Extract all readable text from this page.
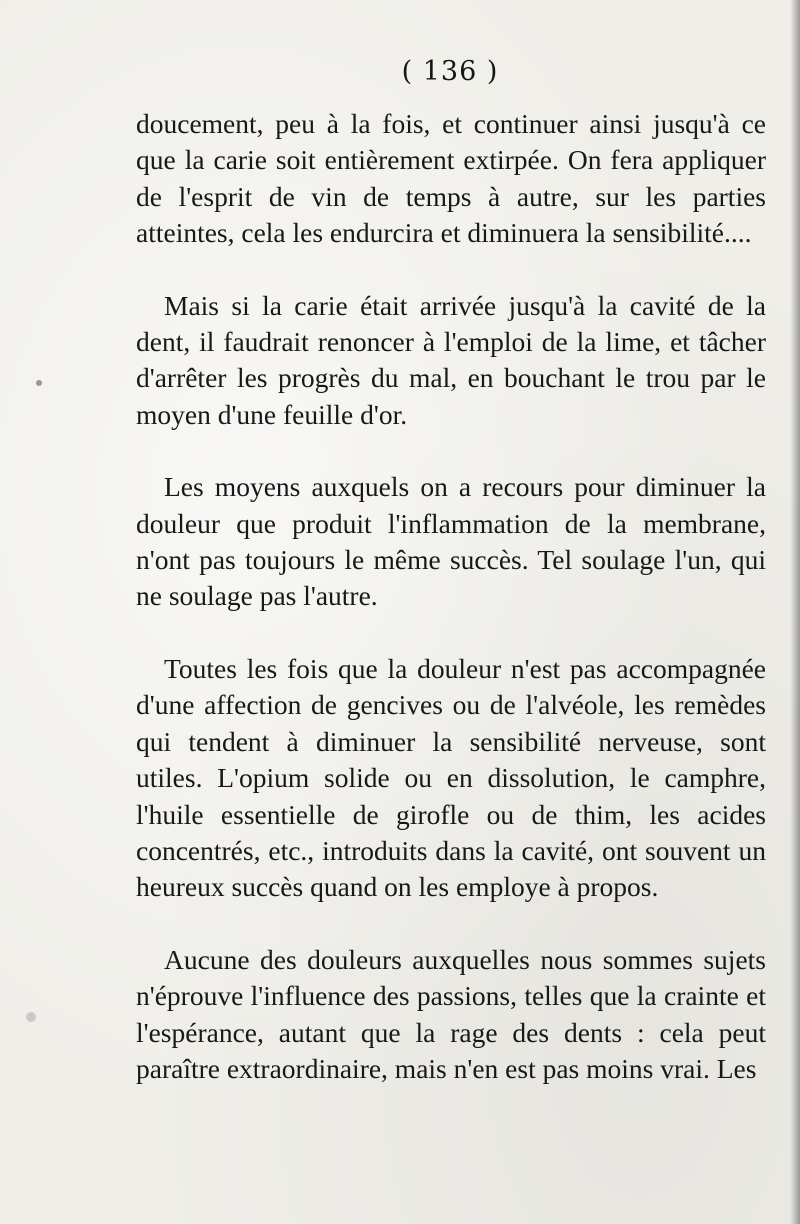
( 136 )

doucement, peu à la fois, et continuer ainsi jusqu'à ce que la carie soit entièrement extirpée. On fera appliquer de l'esprit de vin de temps à autre, sur les parties atteintes, cela les endurcira et diminuera la sensibilité....

Mais si la carie était arrivée jusqu'à la cavité de la dent, il faudrait renoncer à l'emploi de la lime, et tâcher d'arrêter les progrès du mal, en bouchant le trou par le moyen d'une feuille d'or.

Les moyens auxquels on a recours pour diminuer la douleur que produit l'inflammation de la membrane, n'ont pas toujours le même succès. Tel soulage l'un, qui ne soulage pas l'autre.

Toutes les fois que la douleur n'est pas accompagnée d'une affection de gencives ou de l'alvéole, les remèdes qui tendent à diminuer la sensibilité nerveuse, sont utiles. L'opium solide ou en dissolution, le camphre, l'huile essentielle de girofle ou de thim, les acides concentrés, etc., introduits dans la cavité, ont souvent un heureux succès quand on les employe à propos.

Aucune des douleurs auxquelles nous sommes sujets n'éprouve l'influence des passions, telles que la crainte et l'espérance, autant que la rage des dents : cela peut paraître extraordinaire, mais n'en est pas moins vrai. Les
